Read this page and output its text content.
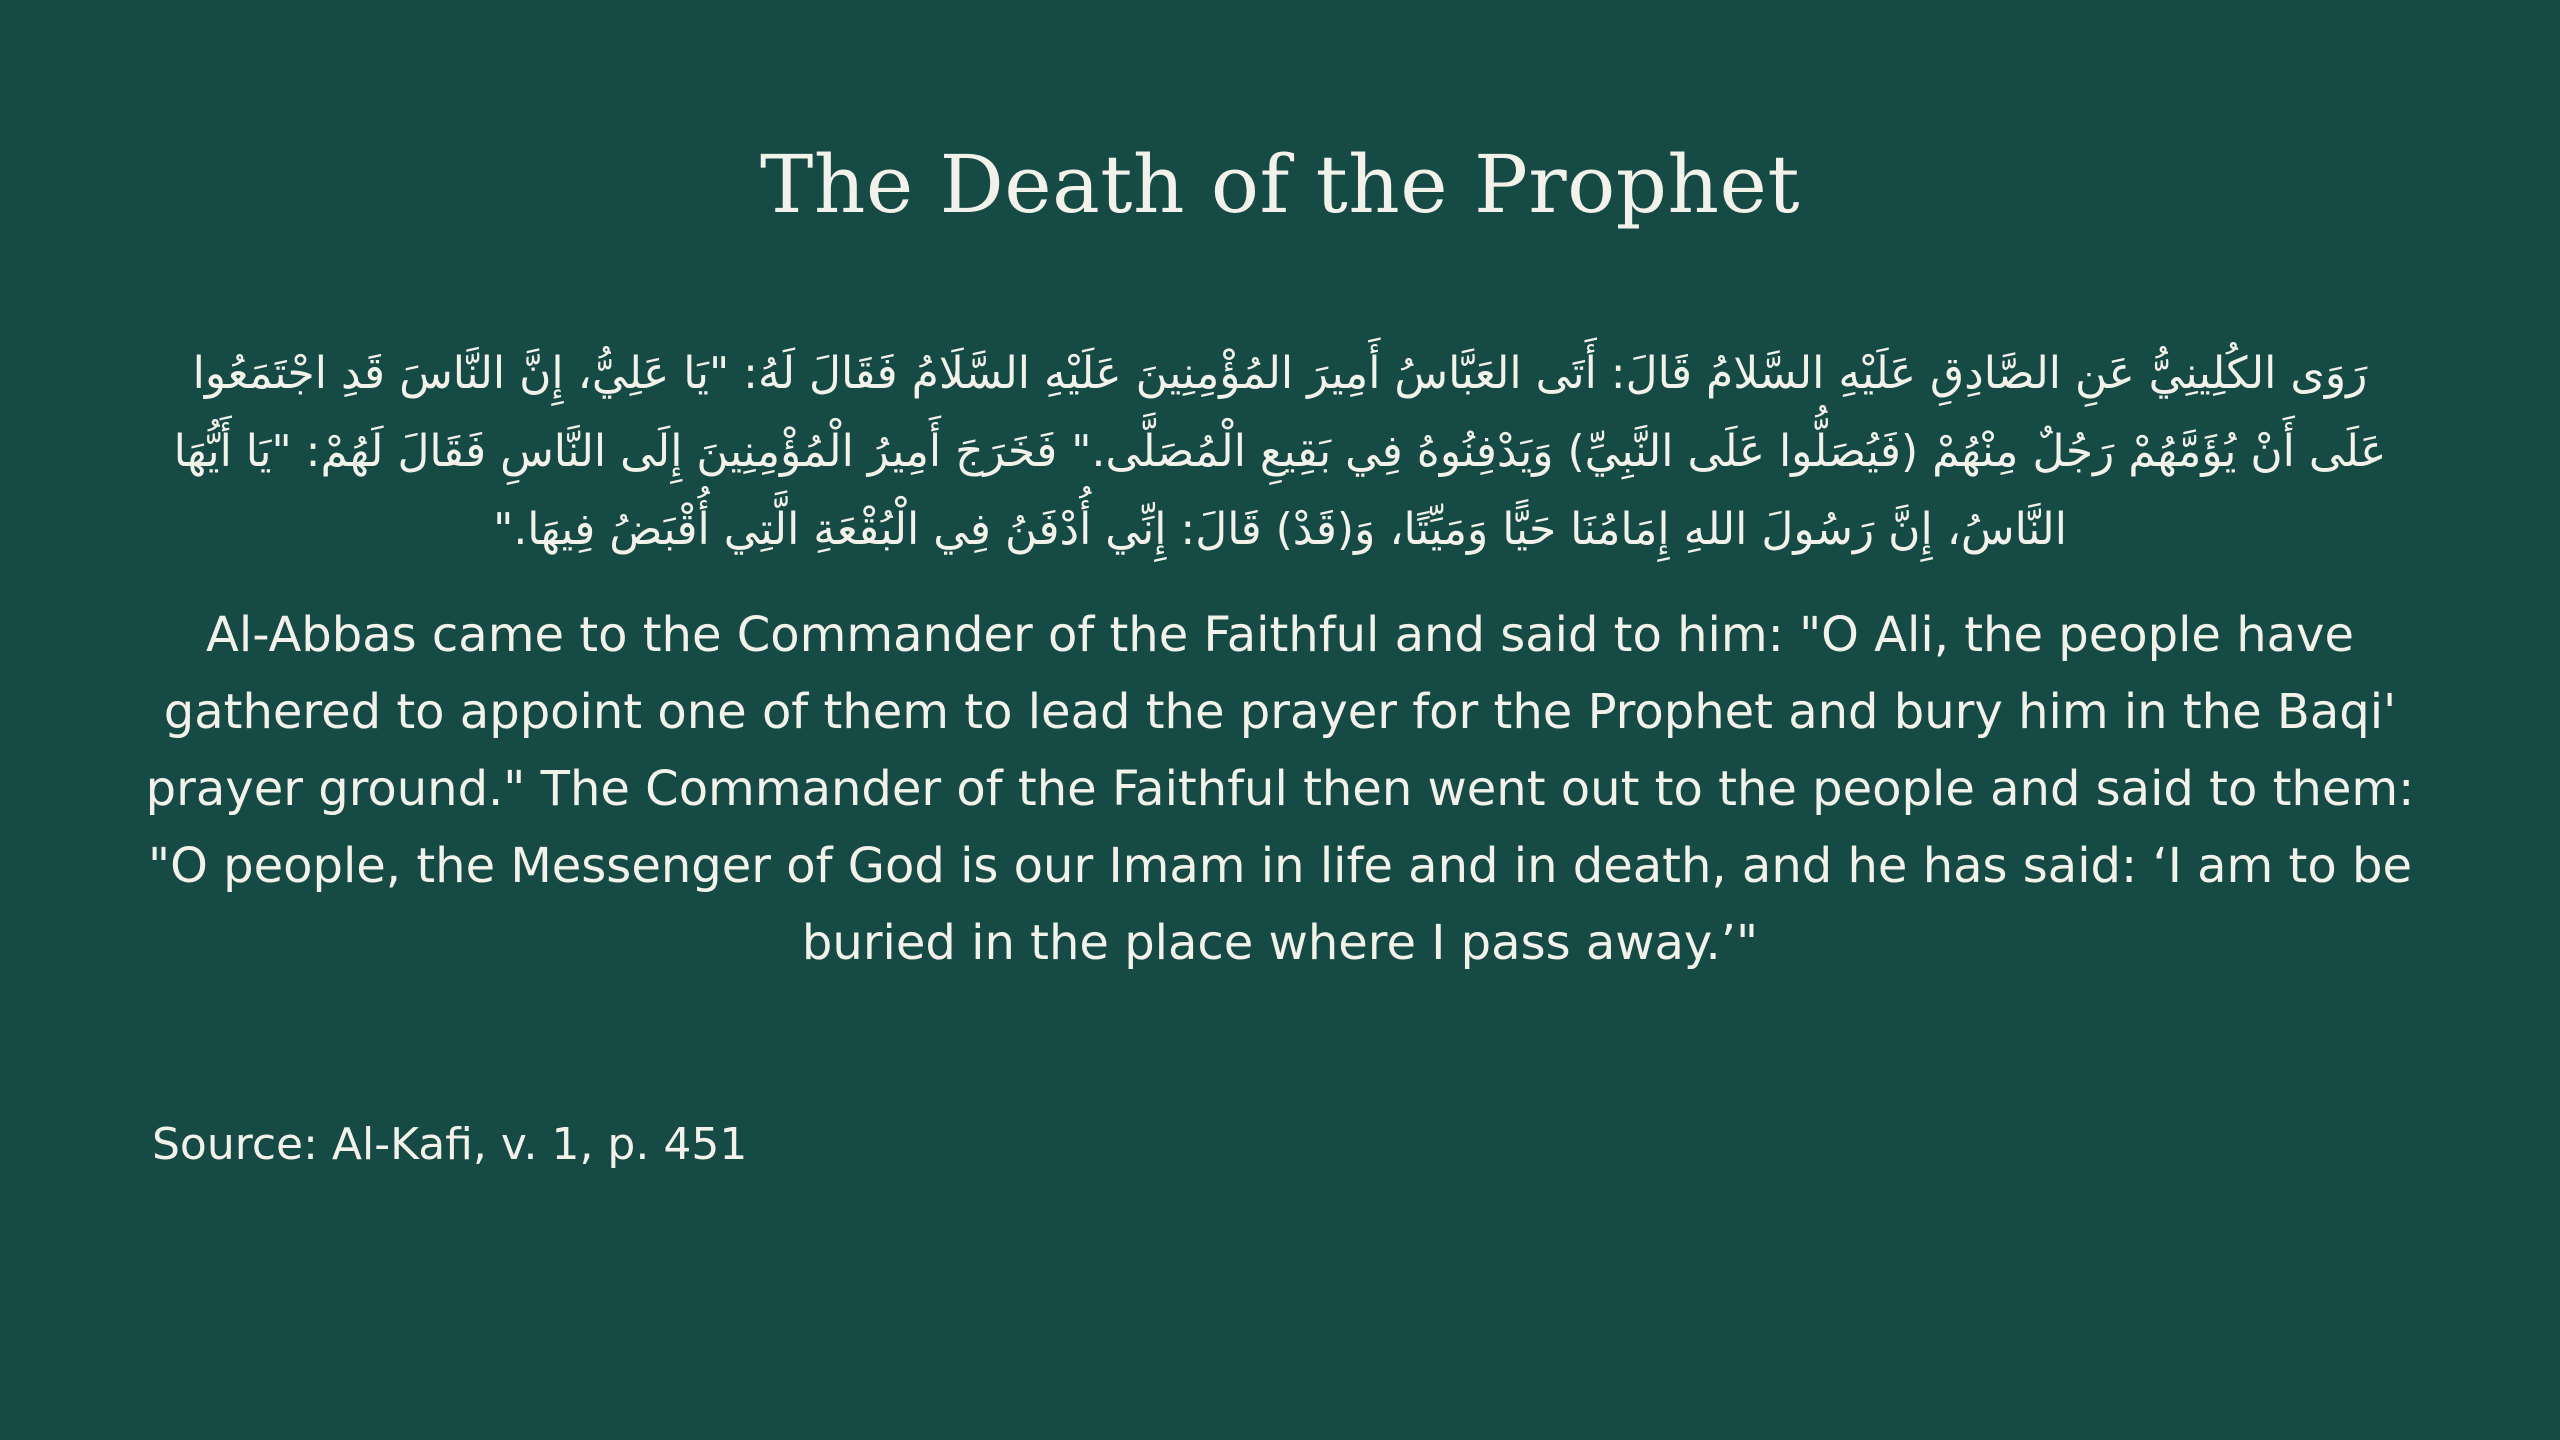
The Death of the Prophet

رَوَى الكُلِينِيُّ عَنِ الصَّادِقِ عَلَيْهِ السَّلامُ قَالَ: أَتَى العَبَّاسُ أَمِيرَ المُؤْمِنِينَ عَلَيْهِ السَّلَامُ فَقَالَ لَهُ: "يَا عَلِيُّ، إِنَّ النَّاسَ قَدِ اجْتَمَعُوا عَلَى أَنْ يُؤَمَّهُمْ رَجُلٌ مِنْهُمْ (فَيُصَلُّوا عَلَى النَّبِيِّ) وَيَدْفِنُوهُ فِي بَقِيعِ الْمُصَلَّى." فَخَرَجَ أَمِيرُ الْمُؤْمِنِينَ إِلَى النَّاسِ فَقَالَ لَهُمْ: "يَا أَيُّهَا النَّاسُ، إِنَّ رَسُولَ اللهِ إِمَامُنَا حَيًّا وَمَيِّتًا، وَ(قَدْ) قَالَ: إِنِّي أُدْفَنُ فِي الْبُقْعَةِ الَّتِي أُقْبَضُ فِيهَا."

Al-Abbas came to the Commander of the Faithful and said to him: "O Ali, the people have gathered to appoint one of them to lead the prayer for the Prophet and bury him in the Baqi' prayer ground." The Commander of the Faithful then went out to the people and said to them: "O people, the Messenger of God is our Imam in life and in death, and he has said: ‘I am to be buried in the place where I pass away.’"

Source: Al-Kafi, v. 1, p. 451
